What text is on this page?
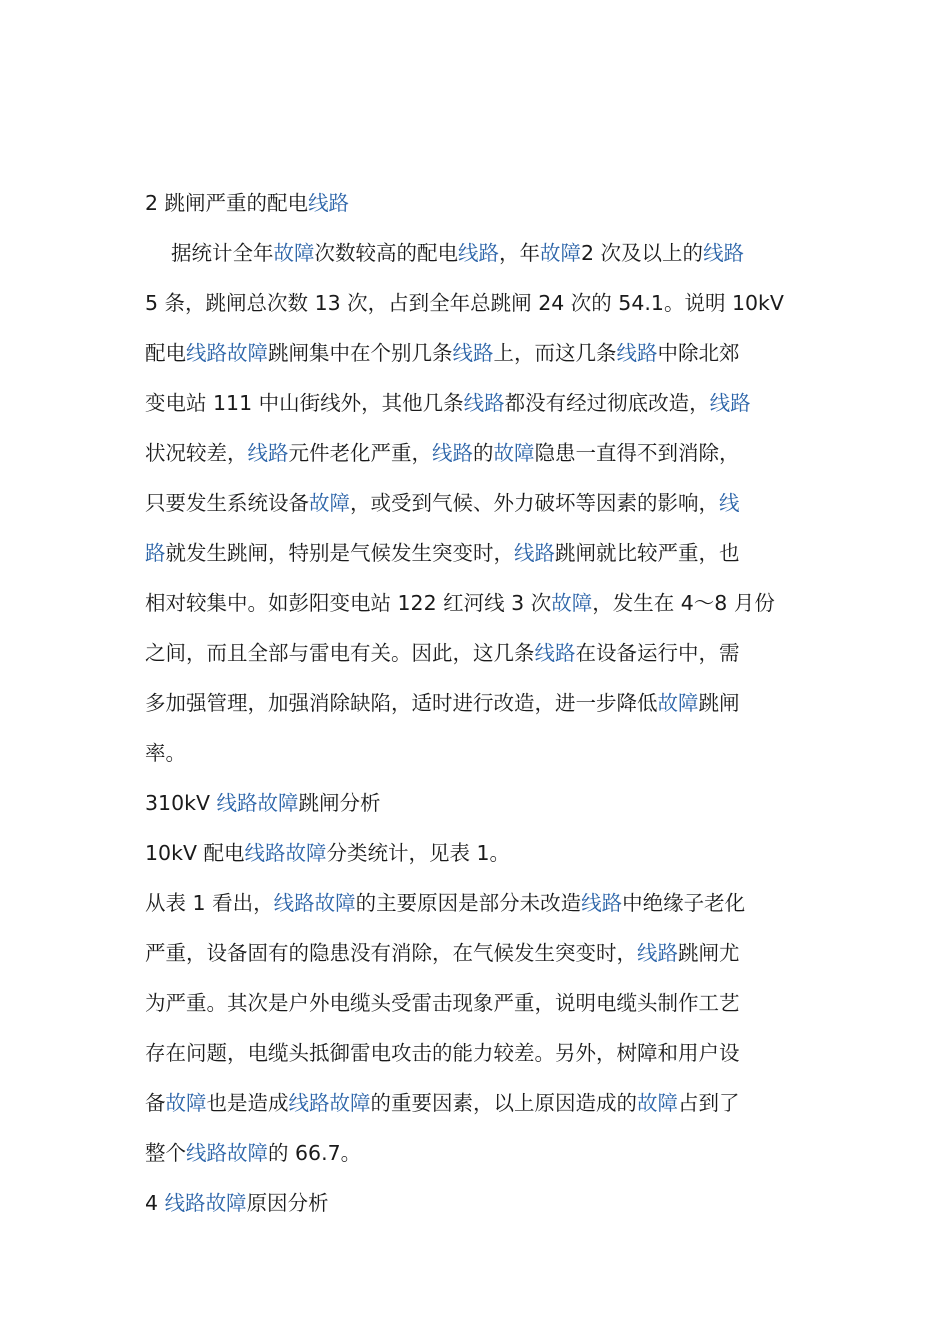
2 跳闸严重的配电线路
据统计全年故障次数较高的配电线路，年故障2 次及以上的线路
5 条，跳闸总次数 13 次，占到全年总跳闸 24 次的 54.1。说明 10kV
配电线路故障跳闸集中在个别几条线路上，而这几条线路中除北郊
变电站 111 中山街线外，其他几条线路都没有经过彻底改造，线路
状况较差，线路元件老化严重，线路的故障隐患一直得不到消除，
只要发生系统设备故障，或受到气候、外力破坏等因素的影响，线
路就发生跳闸，特别是气候发生突变时，线路跳闸就比较严重，也
相对较集中。如彭阳变电站 122 红河线 3 次故障，发生在 4～8 月份
之间，而且全部与雷电有关。因此，这几条线路在设备运行中，需
多加强管理，加强消除缺陷，适时进行改造，进一步降低故障跳闸
率。
310kV 线路故障跳闸分析
10kV 配电线路故障分类统计，见表 1。
从表 1 看出，线路故障的主要原因是部分未改造线路中绝缘子老化
严重，设备固有的隐患没有消除，在气候发生突变时，线路跳闸尤
为严重。其次是户外电缆头受雷击现象严重，说明电缆头制作工艺
存在问题，电缆头抵御雷电攻击的能力较差。另外，树障和用户设
备故障也是造成线路故障的重要因素，以上原因造成的故障占到了
整个线路故障的 66.7。
4 线路故障原因分析
